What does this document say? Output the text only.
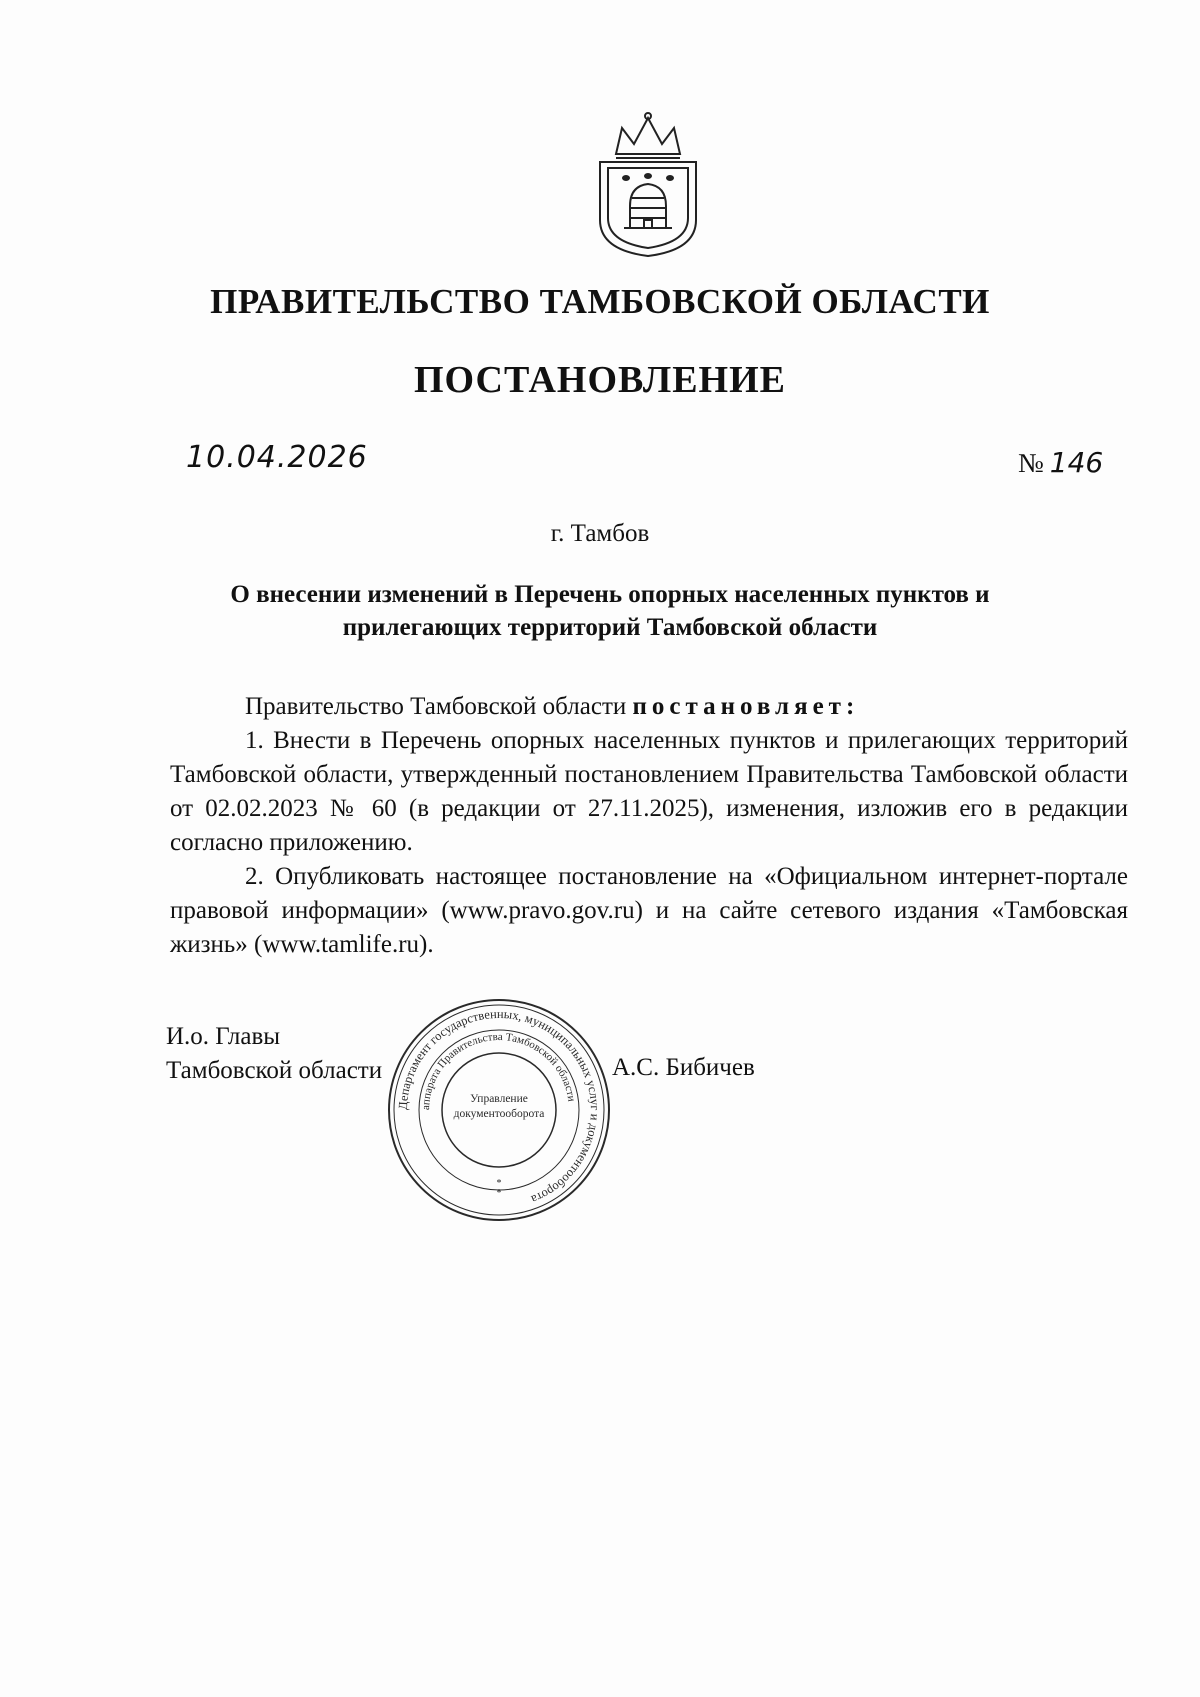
ПРАВИТЕЛЬСТВО ТАМБОВСКОЙ ОБЛАСТИ
ПОСТАНОВЛЕНИЕ
10.04.2026	№ 146
г. Тамбов
О внесении изменений в Перечень опорных населенных пунктов и
прилегающих территорий Тамбовской области

Правительство Тамбовской области постановляет:

1. Внести в Перечень опорных населенных пунктов и прилегающих территорий Тамбовской области, утвержденный постановлением Правительства Тамбовской области от 02.02.2023 № 60 (в редакции от 27.11.2025), изменения, изложив его в редакции согласно приложению.

2. Опубликовать настоящее постановление на «Официальном интернет-портале правовой информации» (www.pravo.gov.ru) и на сайте сетевого издания «Тамбовская жизнь» (www.tamlife.ru).

И.о. Главы
Тамбовской области	А.С. Бибичев
Департамент государственных, муниципальных услуг и документооборота
аппарата Правительства Тамбовской области
Управление документооборота
*
*
